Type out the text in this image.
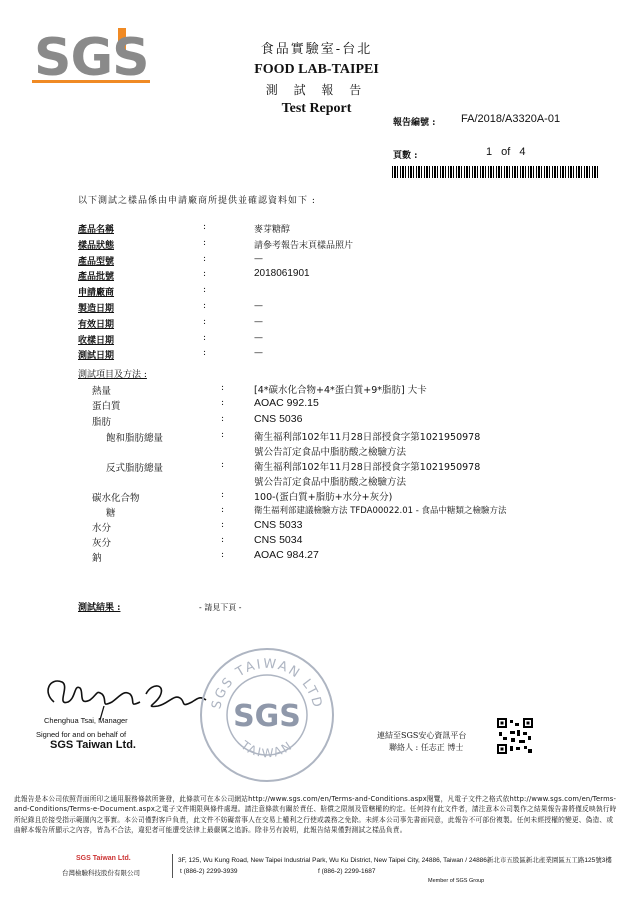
SGS	食品實驗室-台北
FOOD LAB-TAIPEI
測 試 報 告
Test Report
報告編號 : FA/2018/A3320A-01
頁數 :	1 of 4
以下測試之樣品係由申請廠商所提供並確認資料如下 :
產品名稱	:	麥芽糖醇
樣品狀態	:	請參考報告末頁樣品照片
產品型號	:	—
產品批號	:	2018061901
申請廠商	:
製造日期	:	—
有效日期	:	—
收樣日期	:	—
測試日期	:	—
測試項目及方法 :
熱量	:	[4*碳水化合物+4*蛋白質+9*脂肪] 大卡
蛋白質	:	AOAC 992.15
脂肪	:	CNS 5036
飽和脂肪總量	:	衛生福利部102年11月28日部授食字第1021950978
號公告訂定食品中脂肪酸之檢驗方法
反式脂肪總量	:	衛生福利部102年11月28日部授食字第1021950978
號公告訂定食品中脂肪酸之檢驗方法
碳水化合物	:	100-(蛋白質+脂肪+水分+灰分)
糖	:	衛生福利部建議檢驗方法 TFDA00022.01 - 食品中糖類之檢驗方法
水分	:	CNS 5033
灰分	:	CNS 5034
鈉	:	AOAC 984.27
測試結果 :	- 請見下頁 -
Chenghua Tsai, Manager
Signed for and on behalf of
SGS Taiwan Ltd.
SGS TAIWAN LTD
TAIWAN
SGS
連結至SGS安心資訊平台
聯絡人 : 任志正 博士
此報告是本公司依照背面所印之通用服務條款所簽發，此條款可在本公司網站http://www.sgs.com/en/Terms-and-Conditions.aspx閱覽，凡電子文件之格式依http://www.sgs.com/en/Terms-and-Conditions/Terms-e-Document.aspx之電子文件期限與條件處理。請注意條款有關於責任、賠償之限制及管轄權的約定。任何持有此文件者，請注意本公司製作之結果報告書將僅反映執行時所紀錄且於接受指示範圍內之事實。本公司僅對客戶負責，此文件不妨礙當事人在交易上權利之行使或義務之免除。未經本公司事先書面同意，此報告不可部份複製。任何未經授權的變更、偽造、或曲解本報告所顯示之內容，皆為不合法，違犯者可能遭受法律上最嚴厲之追訴。除非另有說明，此報告結果僅對測試之樣品負責。
SGS Taiwan Ltd.
台灣檢驗科技股份有限公司
3F, 125, Wu Kung Road, New Taipei Industrial Park, Wu Ku District, New Taipei City, 24886, Taiwan / 24886新北市五股區新北產業園區五工路125號3樓
t (886-2) 2299-3939	f (886-2) 2299-1687
Member of SGS Group
